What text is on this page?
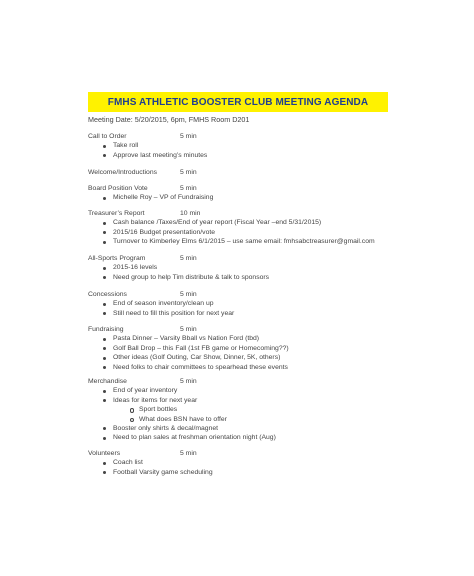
FMHS ATHLETIC BOOSTER CLUB MEETING AGENDA
Meeting Date: 5/20/2015, 6pm, FMHS Room D201
Call to Order	5 min
Take roll
Approve last meeting’s minutes
Welcome/Introductions	5 min
Board Position Vote	5 min
Michelle Roy – VP of Fundraising
Treasurer’s Report	10 min
Cash balance /Taxes/End of year report (Fiscal Year –end 5/31/2015)
2015/16 Budget presentation/vote
Turnover to Kimberley Elms 6/1/2015 – use same email: fmhsabctreasurer@gmail.com
All-Sports Program	5 min
2015-16 levels
Need group to help Tim distribute & talk to sponsors
Concessions	5 min
End of season inventory/clean up
Still need to fill this position for next year
Fundraising	5 min
Pasta Dinner – Varsity Bball vs Nation Ford (tbd)
Golf Ball Drop – this Fall (1st FB game or Homecoming??)
Other ideas (Golf Outing, Car Show, Dinner, 5K, others)
Need folks to chair committees to spearhead these events
Merchandise	5 min
End of year inventory
Ideas for items for next year
Sport bottles
What does BSN have to offer
Booster only shirts & decal/magnet
Need to plan sales at freshman orientation night (Aug)
Volunteers	5 min
Coach list
Football Varsity game scheduling
